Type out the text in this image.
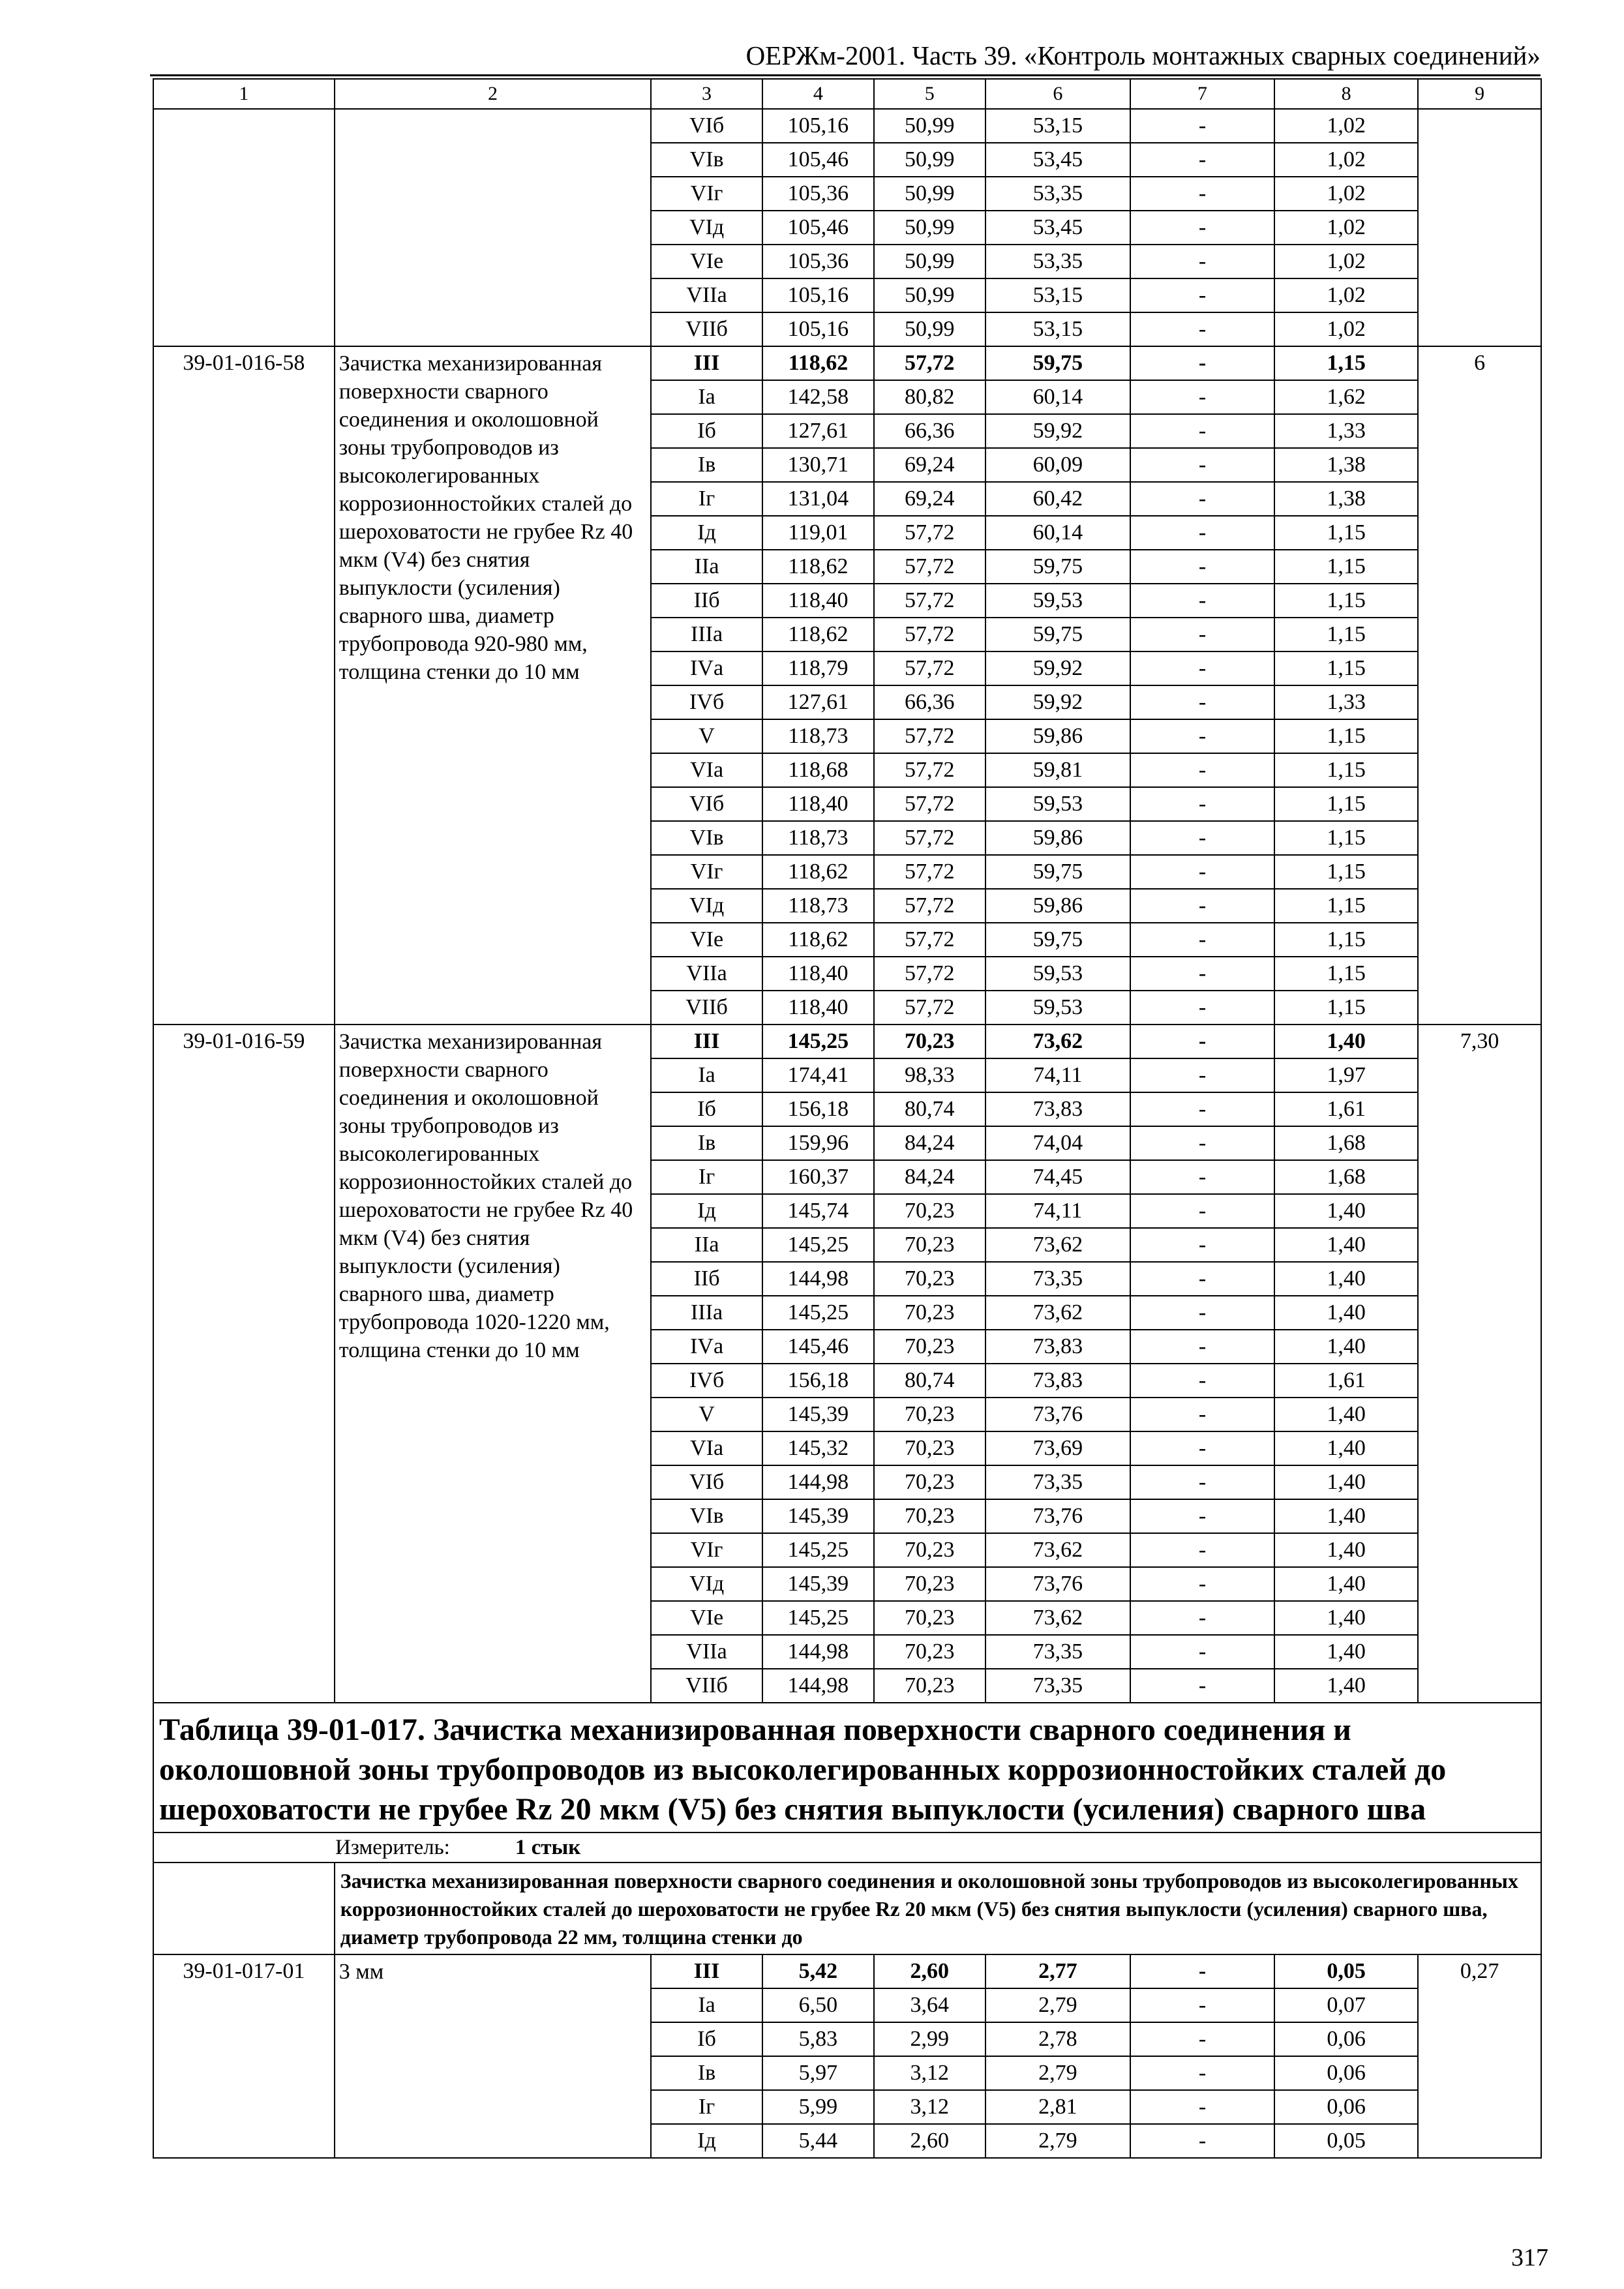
ОЕРЖм-2001. Часть 39. «Контроль монтажных сварных соединений»
1	2	3	4	5	6	7	8	9
		VIб	105,16	50,99	53,15	-	1,02	
		VIв	105,46	50,99	53,45	-	1,02	
		VIг	105,36	50,99	53,35	-	1,02	
		VIд	105,46	50,99	53,45	-	1,02	
		VIе	105,36	50,99	53,35	-	1,02	
		VIIа	105,16	50,99	53,15	-	1,02	
		VIIб	105,16	50,99	53,15	-	1,02	
39-01-016-58	Зачистка механизированная поверхности сварного соединения и околошовной зоны трубопроводов из высоколегированных коррозионностойких сталей до шероховатости не грубее Rz 40 мкм (V4) без снятия выпуклости (усиления) сварного шва, диаметр трубопровода 920-980 мм, толщина стенки до 10 мм	III	118,62	57,72	59,75	-	1,15	6
		Iа	142,58	80,82	60,14	-	1,62	
		Iб	127,61	66,36	59,92	-	1,33	
		Iв	130,71	69,24	60,09	-	1,38	
		Iг	131,04	69,24	60,42	-	1,38	
		Iд	119,01	57,72	60,14	-	1,15	
		IIа	118,62	57,72	59,75	-	1,15	
		IIб	118,40	57,72	59,53	-	1,15	
		IIIа	118,62	57,72	59,75	-	1,15	
		IVа	118,79	57,72	59,92	-	1,15	
		IVб	127,61	66,36	59,92	-	1,33	
		V	118,73	57,72	59,86	-	1,15	
		VIа	118,68	57,72	59,81	-	1,15	
		VIб	118,40	57,72	59,53	-	1,15	
		VIв	118,73	57,72	59,86	-	1,15	
		VIг	118,62	57,72	59,75	-	1,15	
		VIд	118,73	57,72	59,86	-	1,15	
		VIе	118,62	57,72	59,75	-	1,15	
		VIIа	118,40	57,72	59,53	-	1,15	
		VIIб	118,40	57,72	59,53	-	1,15	
39-01-016-59	Зачистка механизированная поверхности сварного соединения и околошовной зоны трубопроводов из высоколегированных коррозионностойких сталей до шероховатости не грубее Rz 40 мкм (V4) без снятия выпуклости (усиления) сварного шва, диаметр трубопровода 1020-1220 мм, толщина стенки до 10 мм	III	145,25	70,23	73,62	-	1,40	7,30
		Iа	174,41	98,33	74,11	-	1,97	
		Iб	156,18	80,74	73,83	-	1,61	
		Iв	159,96	84,24	74,04	-	1,68	
		Iг	160,37	84,24	74,45	-	1,68	
		Iд	145,74	70,23	74,11	-	1,40	
		IIа	145,25	70,23	73,62	-	1,40	
		IIб	144,98	70,23	73,35	-	1,40	
		IIIа	145,25	70,23	73,62	-	1,40	
		IVа	145,46	70,23	73,83	-	1,40	
		IVб	156,18	80,74	73,83	-	1,61	
		V	145,39	70,23	73,76	-	1,40	
		VIа	145,32	70,23	73,69	-	1,40	
		VIб	144,98	70,23	73,35	-	1,40	
		VIв	145,39	70,23	73,76	-	1,40	
		VIг	145,25	70,23	73,62	-	1,40	
		VIд	145,39	70,23	73,76	-	1,40	
		VIе	145,25	70,23	73,62	-	1,40	
		VIIа	144,98	70,23	73,35	-	1,40	
		VIIб	144,98	70,23	73,35	-	1,40	
Таблица 39-01-017. Зачистка механизированная поверхности сварного соединения и околошовной зоны трубопроводов из высоколегированных коррозионностойких сталей до шероховатости не грубее Rz 20 мкм (V5) без снятия выпуклости (усиления) сварного шва								
Измеритель: 1 стык								
	Зачистка механизированная поверхности сварного соединения и околошовной зоны трубопроводов из высоколегированных коррозионностойких сталей до шероховатости не грубее Rz 20 мкм (V5) без снятия выпуклости (усиления) сварного шва, диаметр трубопровода 22 мм, толщина стенки до							
39-01-017-01	3 мм	III	5,42	2,60	2,77	-	0,05	0,27
		Iа	6,50	3,64	2,79	-	0,07	
		Iб	5,83	2,99	2,78	-	0,06	
		Iв	5,97	3,12	2,79	-	0,06	
		Iг	5,99	3,12	2,81	-	0,06	
		Iд	5,44	2,60	2,79	-	0,05	
317
